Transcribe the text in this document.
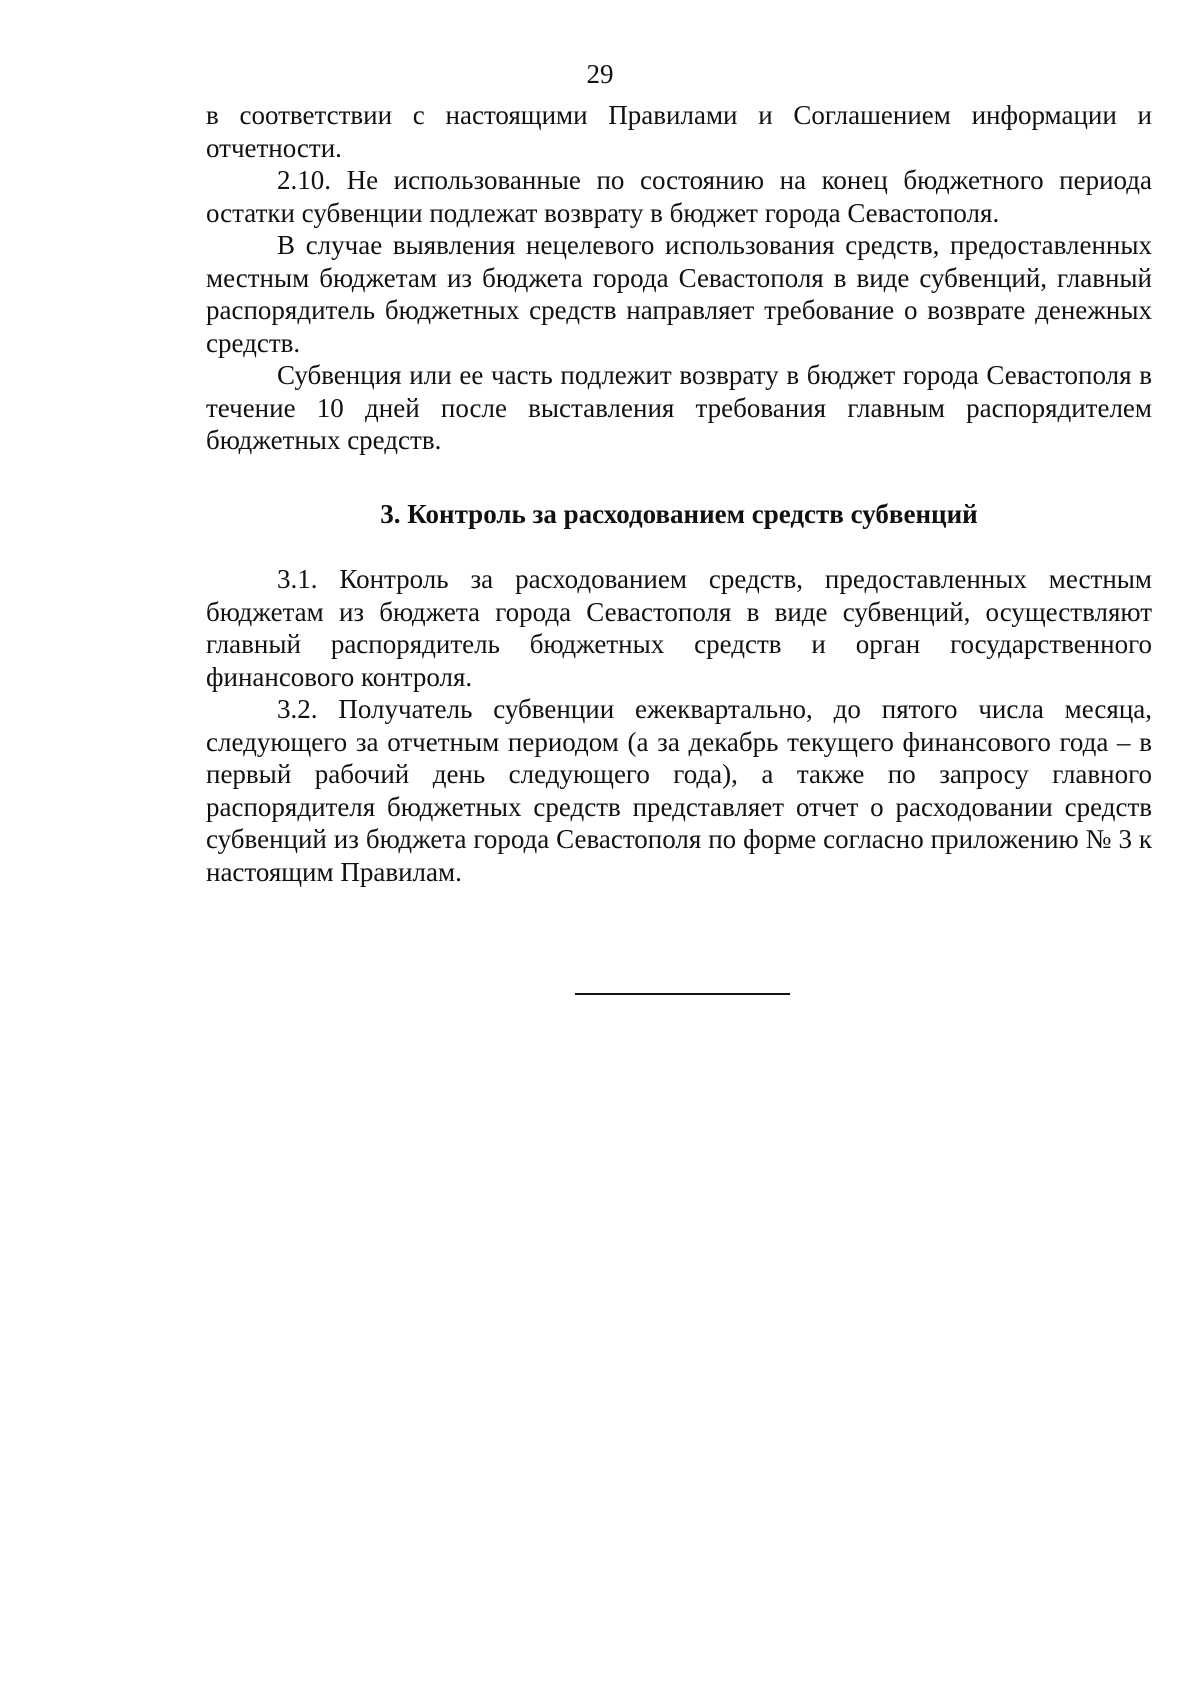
29

в соответствии с настоящими Правилами и Соглашением информации и отчетности.

2.10. Не использованные по состоянию на конец бюджетного периода остатки субвенции подлежат возврату в бюджет города Севастополя.

В случае выявления нецелевого использования средств, предоставленных местным бюджетам из бюджета города Севастополя в виде субвенций, главный распорядитель бюджетных средств направляет требование о возврате денежных средств.

Субвенция или ее часть подлежит возврату в бюджет города Севастополя в течение 10 дней после выставления требования главным распорядителем бюджетных средств.

3. Контроль за расходованием средств субвенций

3.1. Контроль за расходованием средств, предоставленных местным бюджетам из бюджета города Севастополя в виде субвенций, осуществляют главный распорядитель бюджетных средств и орган государственного финансового контроля.

3.2. Получатель субвенции ежеквартально, до пятого числа месяца, следующего за отчетным периодом (а за декабрь текущего финансового года – в первый рабочий день следующего года), а также по запросу главного распорядителя бюджетных средств представляет отчет о расходовании средств субвенций из бюджета города Севастополя по форме согласно приложению № 3 к настоящим Правилам.
